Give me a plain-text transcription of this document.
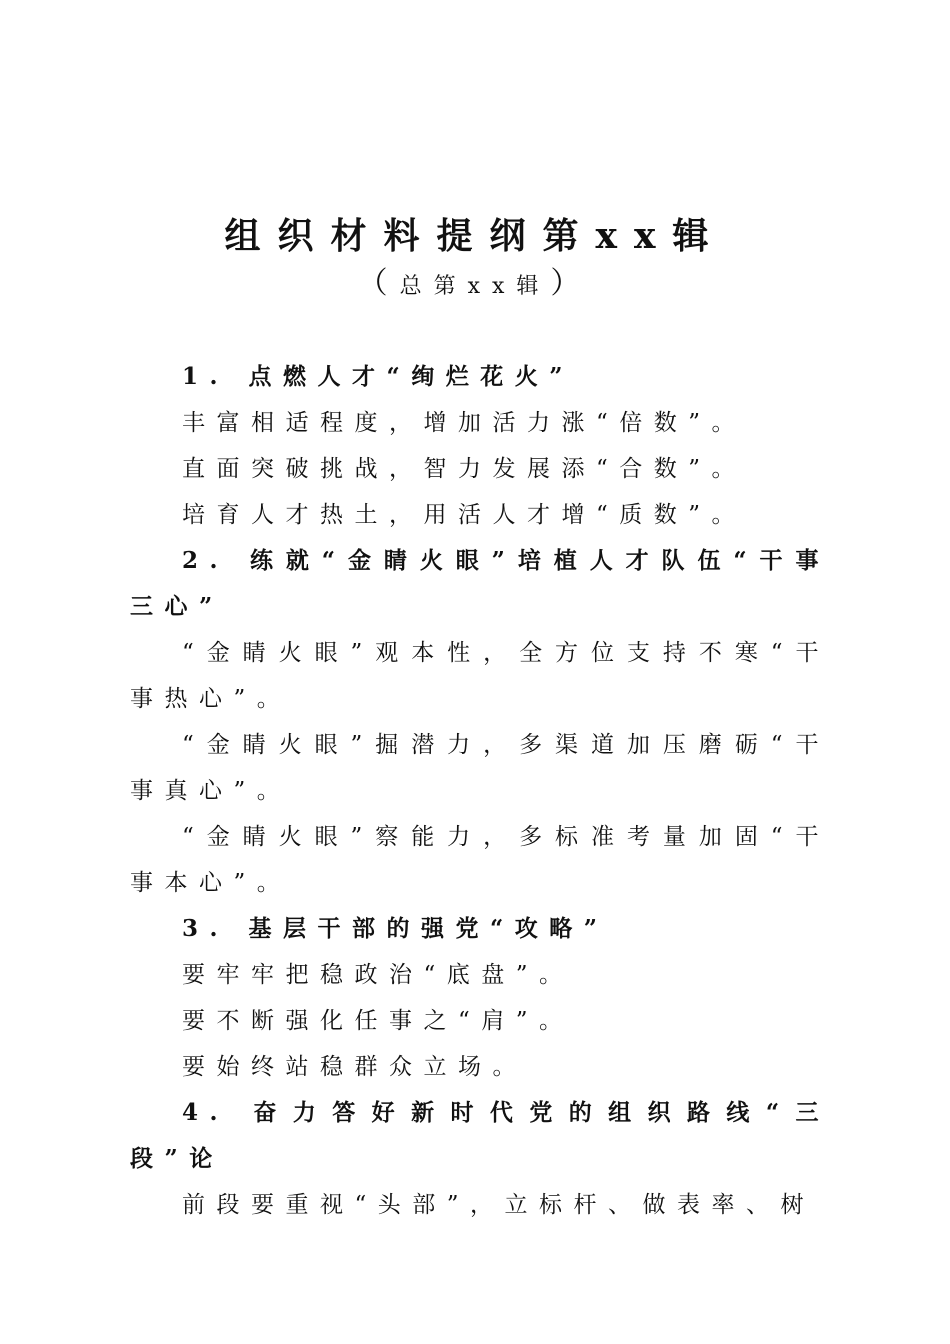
组织材料提纲第xx辑
（总第xx辑）

1. 点燃人才“绚烂花火”

丰富相适程度，增加活力涨“倍数”。

直面突破挑战，智力发展添“合数”。

培育人才热土，用活人才增“质数”。

2. 练就“金睛火眼”培植人才队伍“干事三心”

“金睛火眼”观本性，全方位支持不寒“干事热心”。

“金睛火眼”掘潜力，多渠道加压磨砺“干事真心”。

“金睛火眼”察能力，多标准考量加固“干事本心”。

3. 基层干部的强党“攻略”

要牢牢把稳政治“底盘”。

要不断强化任事之“肩”。

要始终站稳群众立场。

4. 奋力答好新时代党的组织路线“三段”论

前段要重视“头部”，立标杆、做表率、树
